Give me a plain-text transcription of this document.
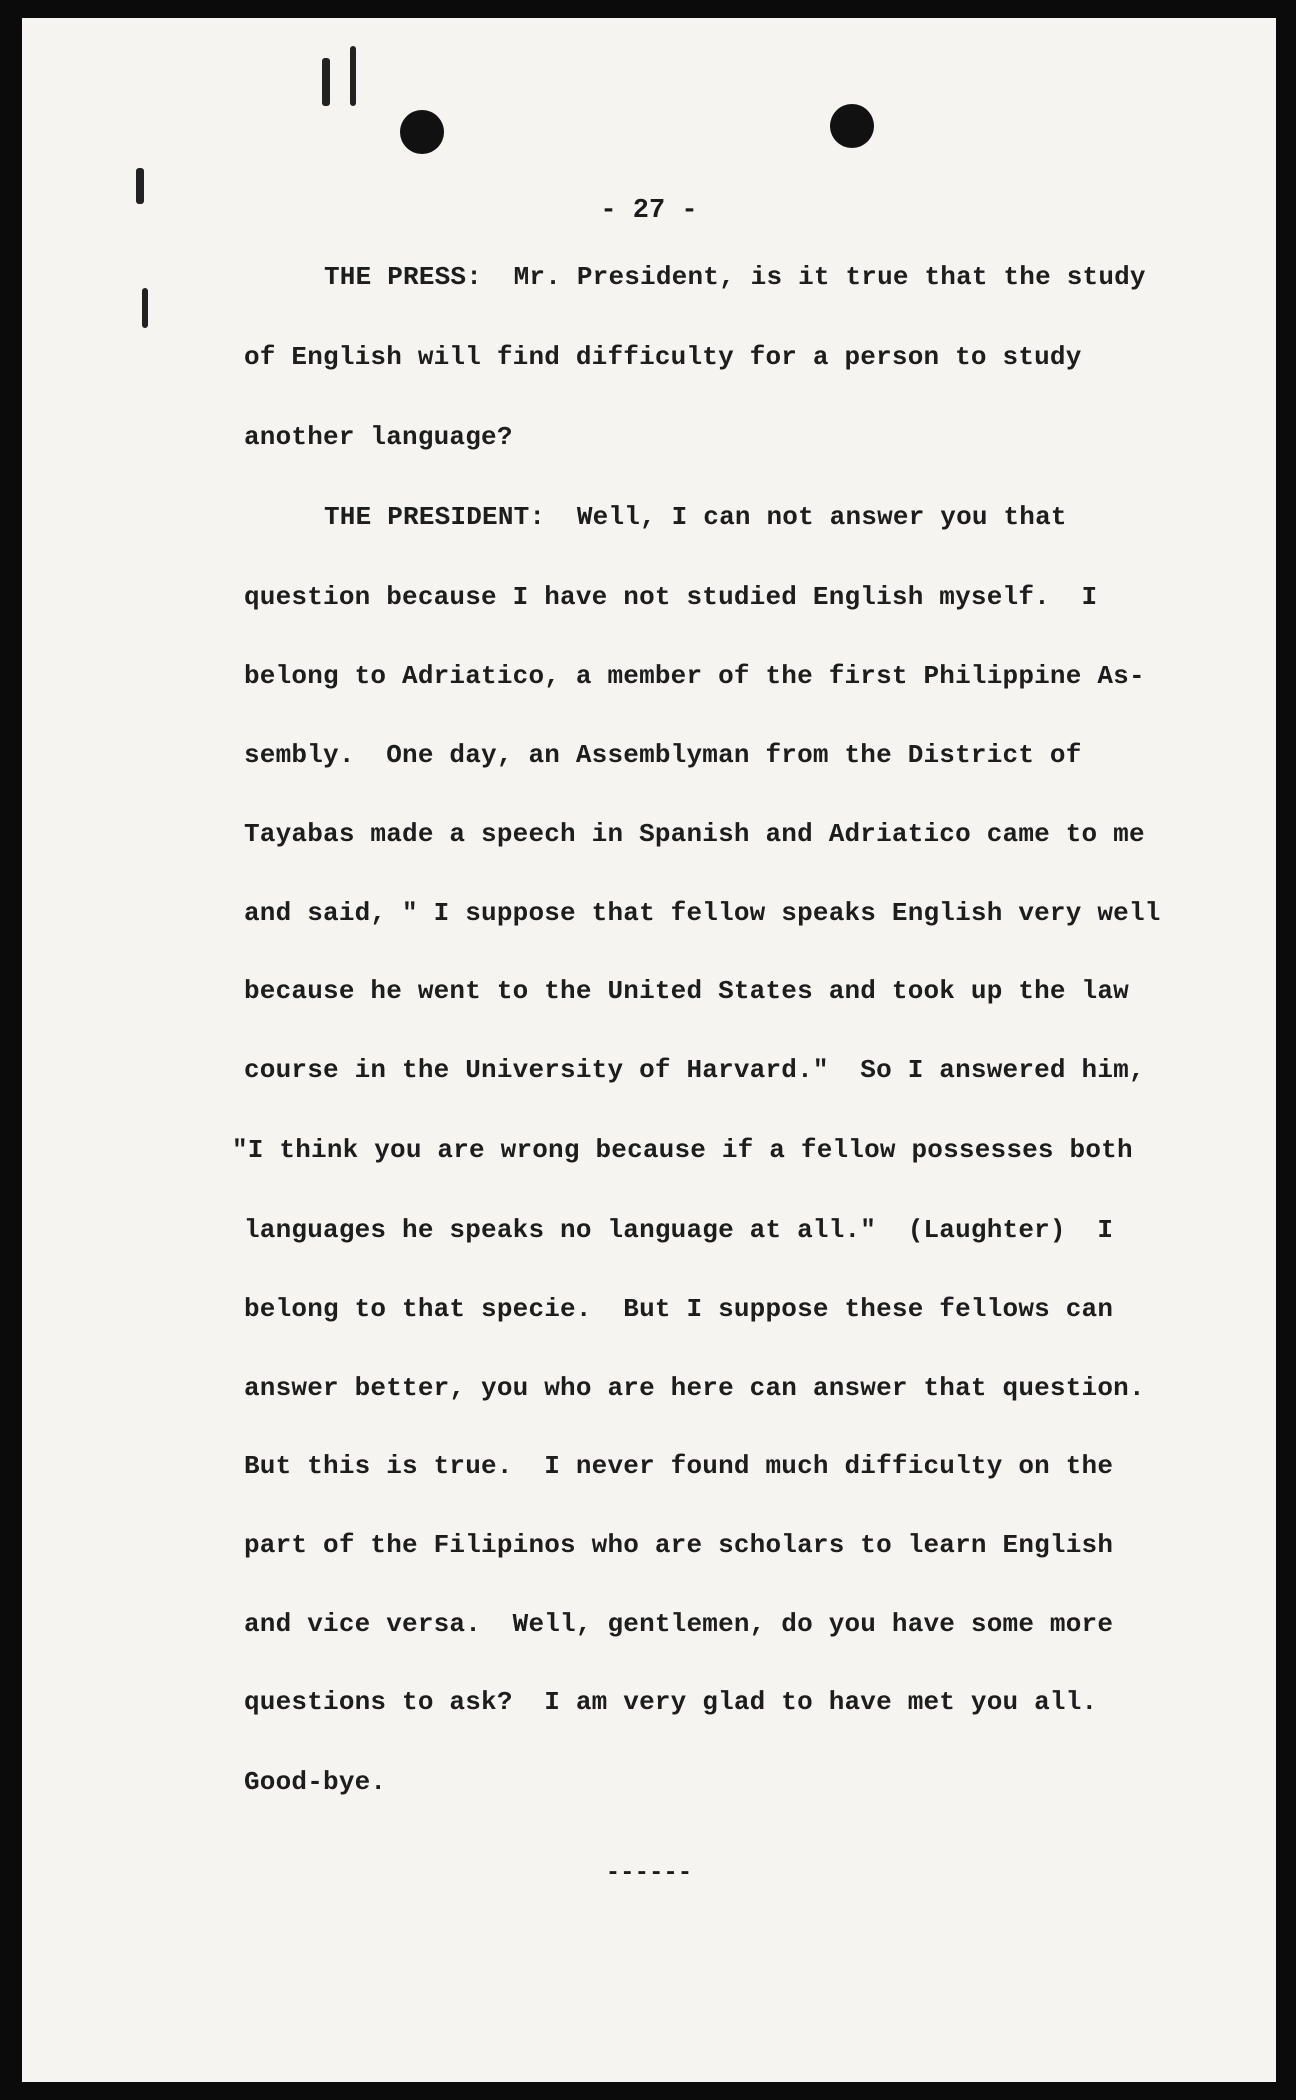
- 27 -
THE PRESS:  Mr. President, is it true that the study
of English will find difficulty for a person to study
another language?
THE PRESIDENT:  Well, I can not answer you that
question because I have not studied English myself.  I
belong to Adriatico, a member of the first Philippine As-
sembly.  One day, an Assemblyman from the District of
Tayabas made a speech in Spanish and Adriatico came to me
and said, " I suppose that fellow speaks English very well
because he went to the United States and took up the law
course in the University of Harvard."  So I answered him,
"I think you are wrong because if a fellow possesses both
languages he speaks no language at all."  (Laughter)  I
belong to that specie.  But I suppose these fellows can
answer better, you who are here can answer that question.
But this is true.  I never found much difficulty on the
part of the Filipinos who are scholars to learn English
and vice versa.  Well, gentlemen, do you have some more
questions to ask?  I am very glad to have met you all.
Good-bye.
------
